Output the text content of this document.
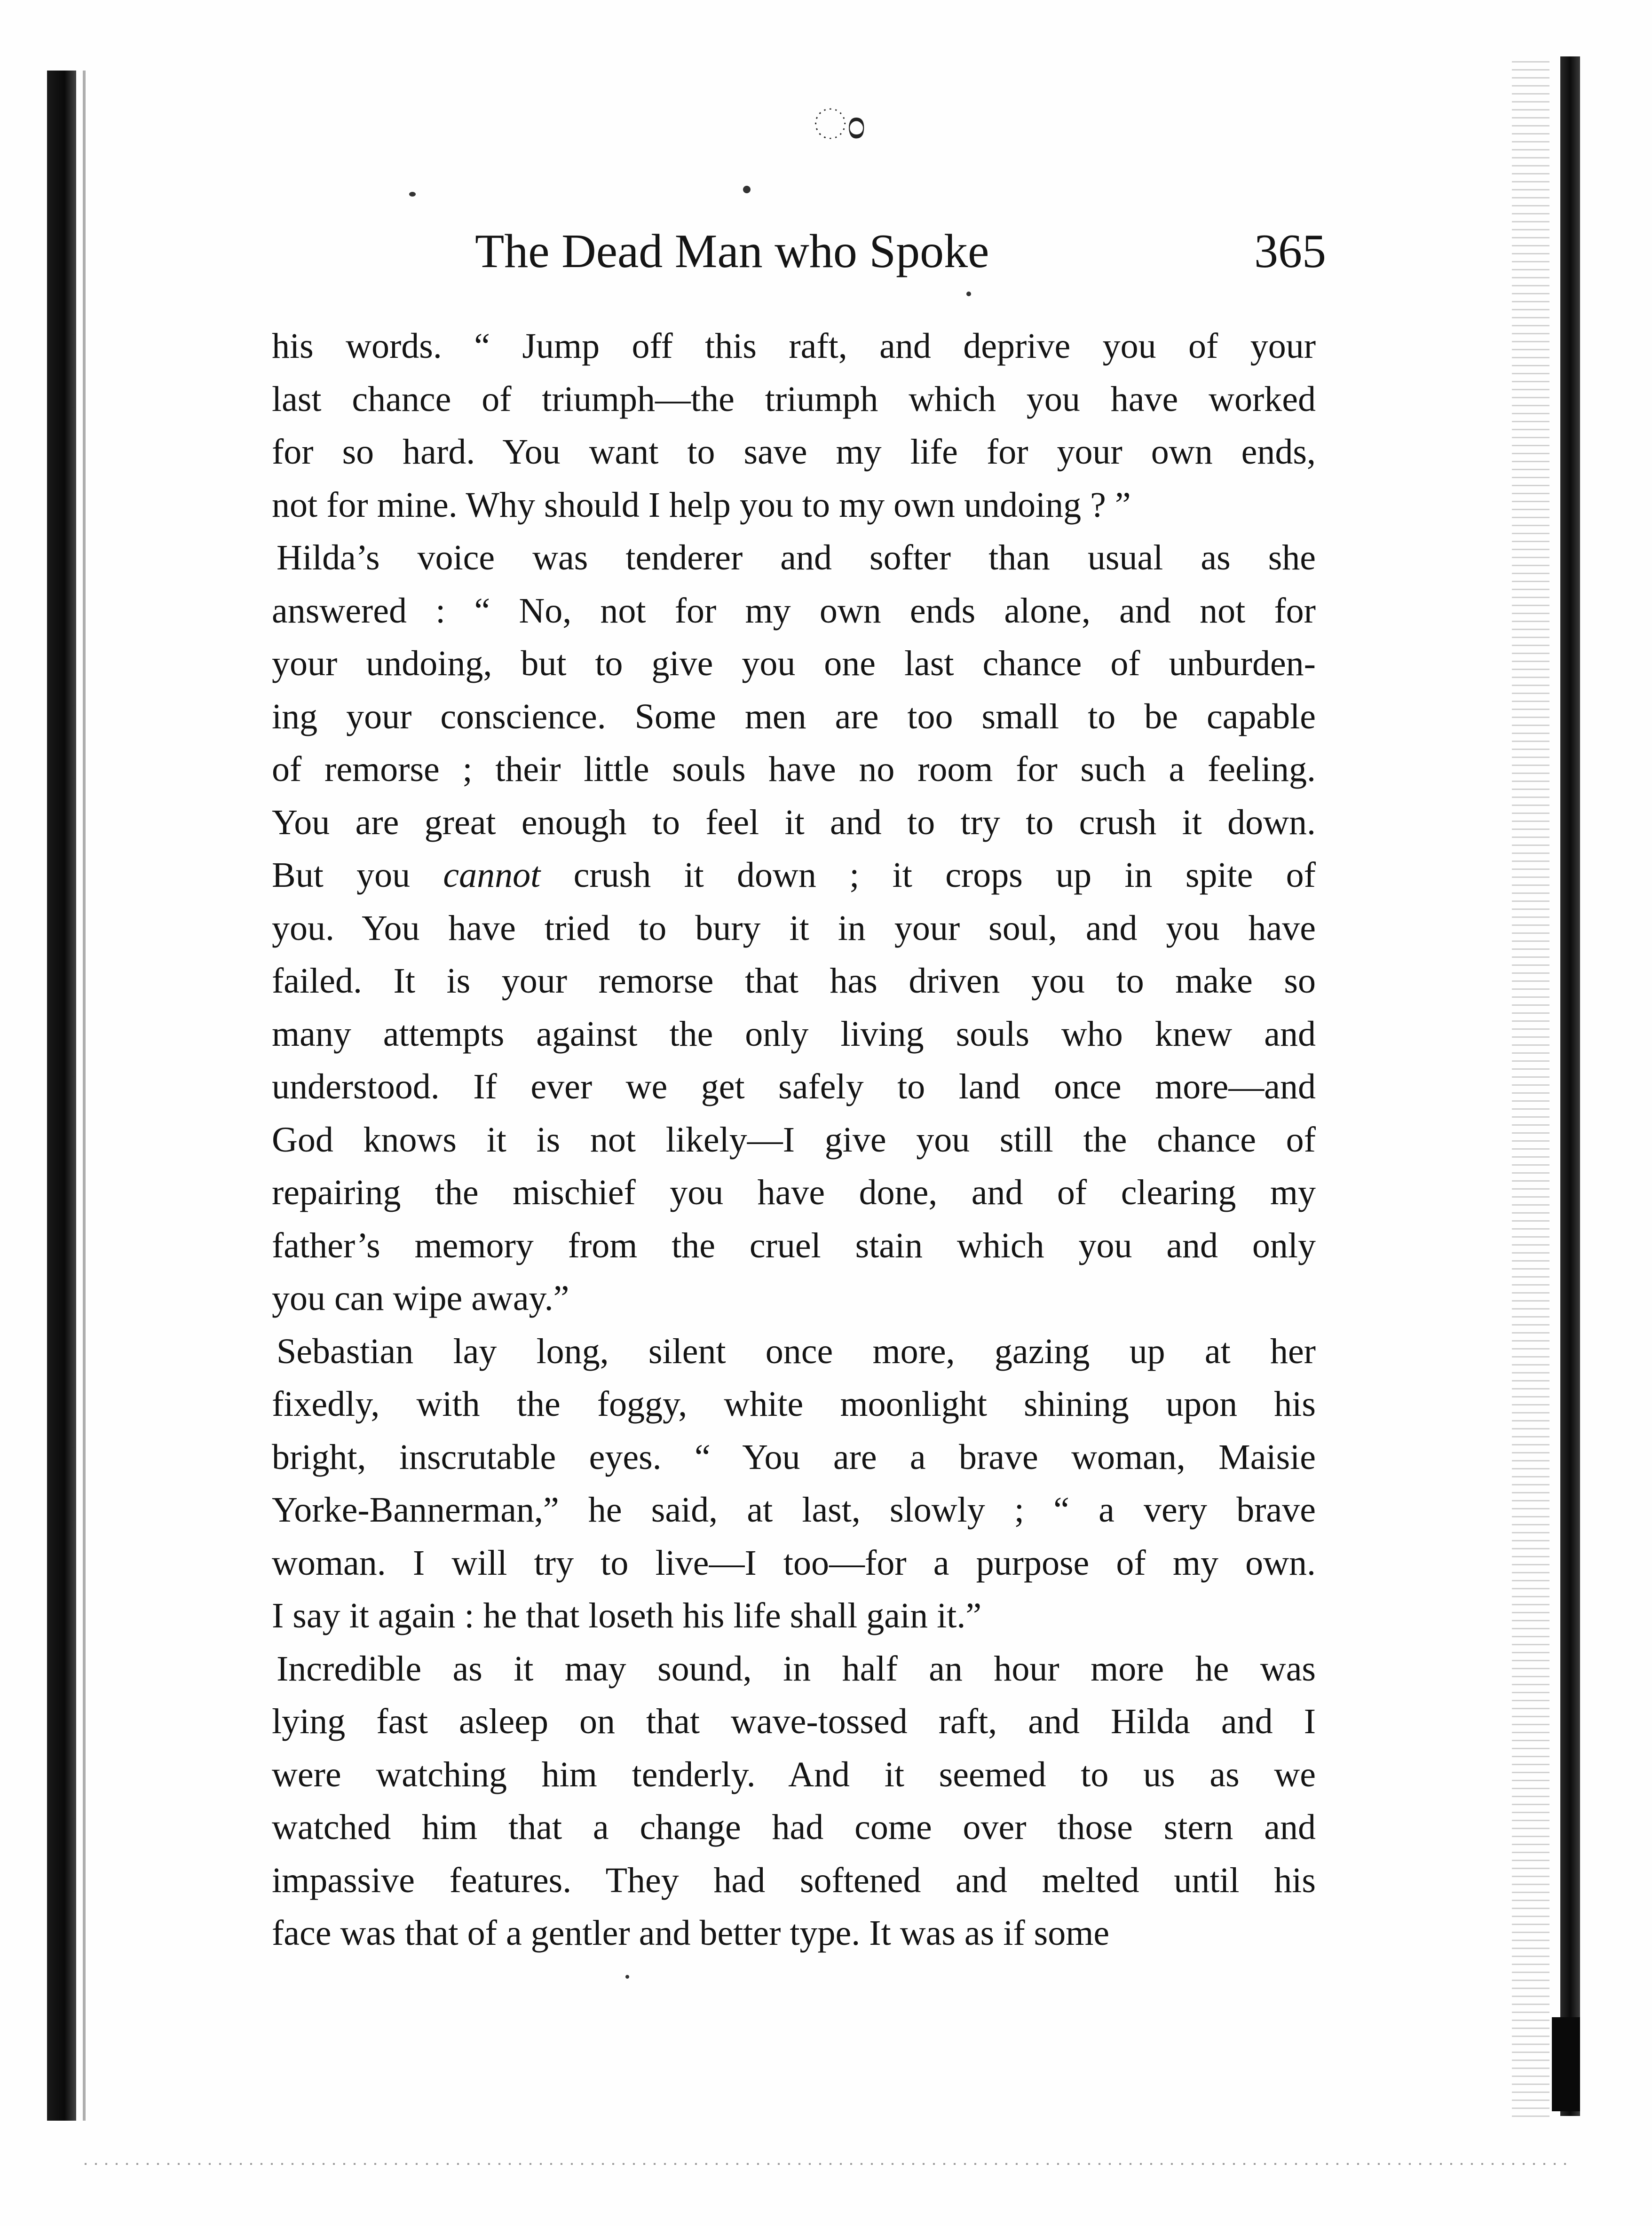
ಂ
The Dead Man who Spoke	365
his words. “ Jump off this raft, and deprive you of your
last chance of triumph—the triumph which you have worked
for so hard. You want to save my life for your own ends,
not for mine. Why should I help you to my own undoing ? ”
Hilda’s voice was tenderer and softer than usual as she
answered : “ No, not for my own ends alone, and not for
your undoing, but to give you one last chance of unburden-
ing your conscience. Some men are too small to be capable
of remorse ; their little souls have no room for such a feeling.
You are great enough to feel it and to try to crush it down.
But you cannot crush it down ; it crops up in spite of
you. You have tried to bury it in your soul, and you have
failed. It is your remorse that has driven you to make so
many attempts against the only living souls who knew and
understood. If ever we get safely to land once more—and
God knows it is not likely—I give you still the chance of
repairing the mischief you have done, and of clearing my
father’s memory from the cruel stain which you and only
you can wipe away.”
Sebastian lay long, silent once more, gazing up at her
fixedly, with the foggy, white moonlight shining upon his
bright, inscrutable eyes. “ You are a brave woman, Maisie
Yorke-Bannerman,” he said, at last, slowly ; “ a very brave
woman. I will try to live—I too—for a purpose of my own.
I say it again : he that loseth his life shall gain it.”
Incredible as it may sound, in half an hour more he was
lying fast asleep on that wave-tossed raft, and Hilda and I
were watching him tenderly. And it seemed to us as we
watched him that a change had come over those stern and
impassive features. They had softened and melted until his
face was that of a gentler and better type. It was as if some
